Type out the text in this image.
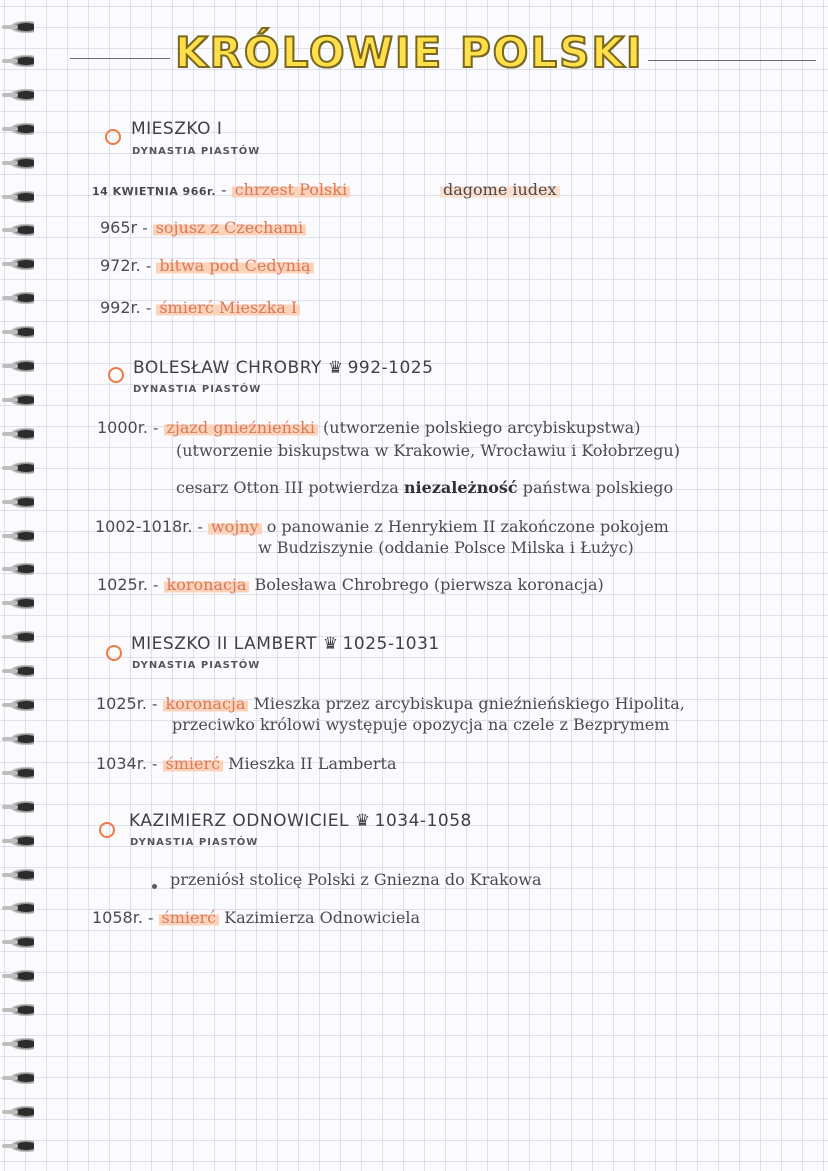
KRÓLOWIE POLSKI
MIESZKO I
DYNASTIA PIASTÓW
14 KWIETNIA 966r. - chrzest Polski	dagome iudex
965r - sojusz z Czechami
972r. - bitwa pod Cedynią
992r. - śmierć Mieszka I
BOLESŁAW CHROBRY ♛ 992-1025
DYNASTIA PIASTÓW
1000r. - zjazd gnieźnieński (utworzenie polskiego arcybiskupstwa)
(utworzenie biskupstwa w Krakowie, Wrocławiu i Kołobrzegu)
cesarz Otton III potwierdza niezależność państwa polskiego
1002-1018r. - wojny o panowanie z Henrykiem II zakończone pokojem
w Budziszynie (oddanie Polsce Milska i Łużyc)
1025r. - koronacja Bolesława Chrobrego (pierwsza koronacja)
MIESZKO II LAMBERT ♛ 1025-1031
DYNASTIA PIASTÓW
1025r. - koronacja Mieszka przez arcybiskupa gnieźnieńskiego Hipolita,
przeciwko królowi występuje opozycja na czele z Bezprymem
1034r. - śmierć Mieszka II Lamberta
KAZIMIERZ ODNOWICIEL ♛ 1034-1058
DYNASTIA PIASTÓW
przeniósł stolicę Polski z Gniezna do Krakowa
1058r. - śmierć Kazimierza Odnowiciela
